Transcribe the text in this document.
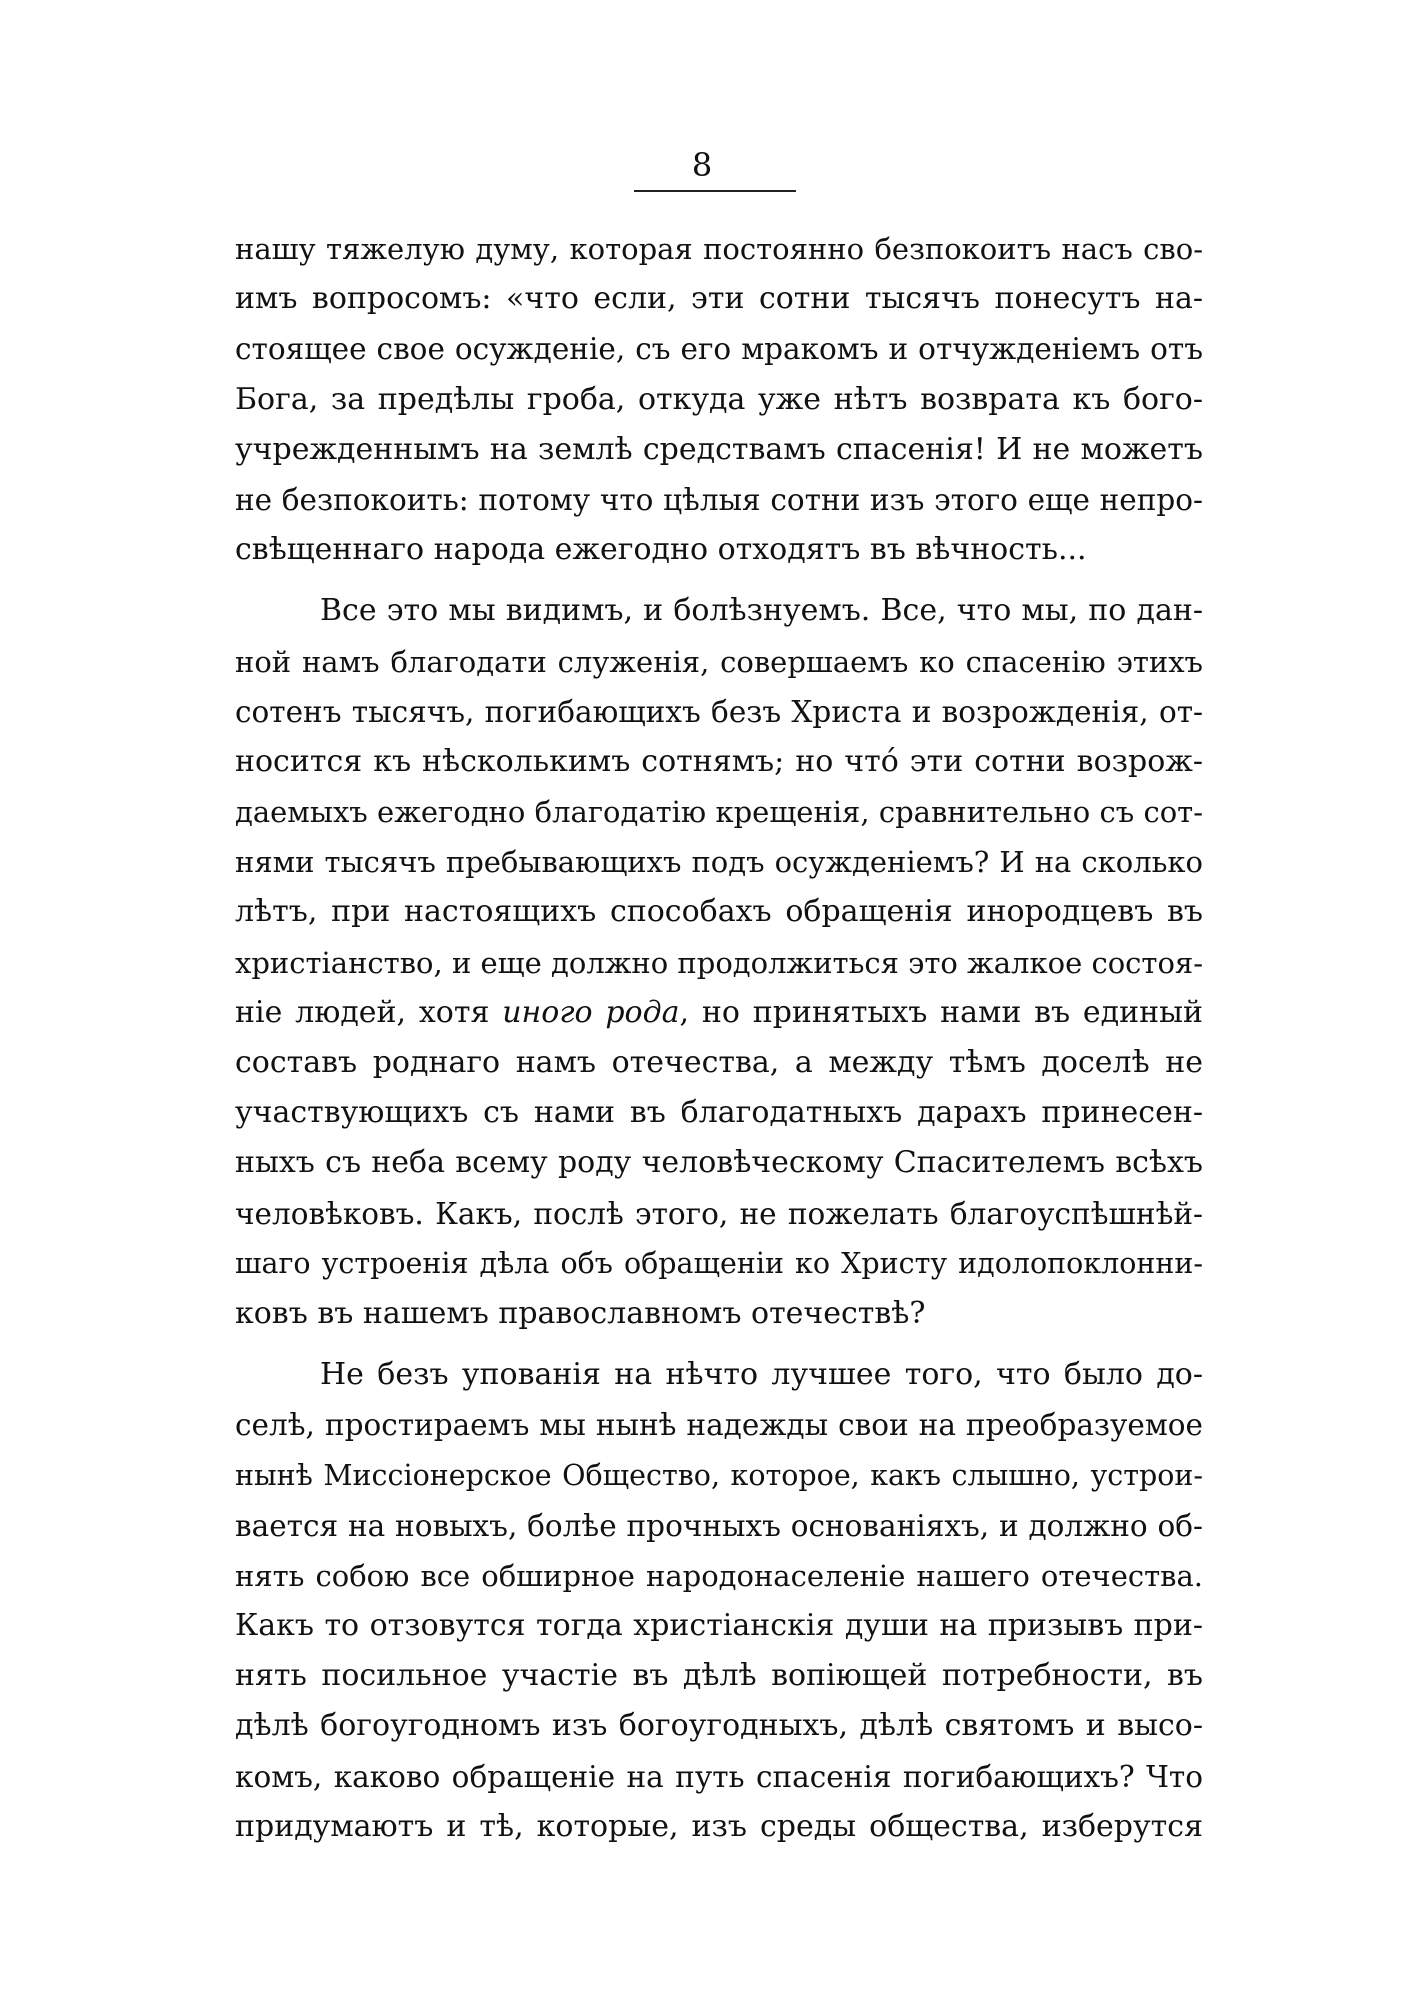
8
нашу тяжелую думу, которая постоянно безпокоитъ насъ сво-
имъ вопросомъ: «что если, эти сотни тысячъ понесутъ на-
стоящее свое осужденіе, съ его мракомъ и отчужденіемъ отъ
Бога, за предѣлы гроба, откуда уже нѣтъ возврата къ бого-
учрежденнымъ на землѣ средствамъ спасенія! И не можетъ
не безпокоить: потому что цѣлыя сотни изъ этого еще непро-
свѣщеннаго народа ежегодно отходятъ въ вѣчность...
Все это мы видимъ, и болѣзнуемъ. Все, что мы, по дан-
ной намъ благодати служенія, совершаемъ ко спасенію этихъ
сотенъ тысячъ, погибающихъ безъ Христа и возрожденія, от-
носится къ нѣсколькимъ сотнямъ; но что́ эти сотни возрож-
даемыхъ ежегодно благодатію крещенія, сравнительно съ сот-
нями тысячъ пребывающихъ подъ осужденіемъ? И на сколько
лѣтъ, при настоящихъ способахъ обращенія инородцевъ въ
христіанство, и еще должно продолжиться это жалкое состоя-
ніе людей, хотя иного рода, но принятыхъ нами въ единый
составъ роднаго намъ отечества, а между тѣмъ доселѣ не
участвующихъ съ нами въ благодатныхъ дарахъ принесен-
ныхъ съ неба всему роду человѣческому Спасителемъ всѣхъ
человѣковъ. Какъ, послѣ этого, не пожелать благоуспѣшнѣй-
шаго устроенія дѣла объ обращеніи ко Христу идолопоклонни-
ковъ въ нашемъ православномъ отечествѣ?
Не безъ упованія на нѣчто лучшее того, что было до-
селѣ, простираемъ мы нынѣ надежды свои на преобразуемое
нынѣ Миссіонерское Общество, которое, какъ слышно, устрои-
вается на новыхъ, болѣе прочныхъ основаніяхъ, и должно об-
нять собою все обширное народонаселеніе нашего отечества.
Какъ то отзовутся тогда христіанскія души на призывъ при-
нять посильное участіе въ дѣлѣ вопіющей потребности, въ
дѣлѣ богоугодномъ изъ богоугодныхъ, дѣлѣ святомъ и высо-
комъ, каково обращеніе на путь спасенія погибающихъ? Что
придумаютъ и тѣ, которые, изъ среды общества, изберутся
